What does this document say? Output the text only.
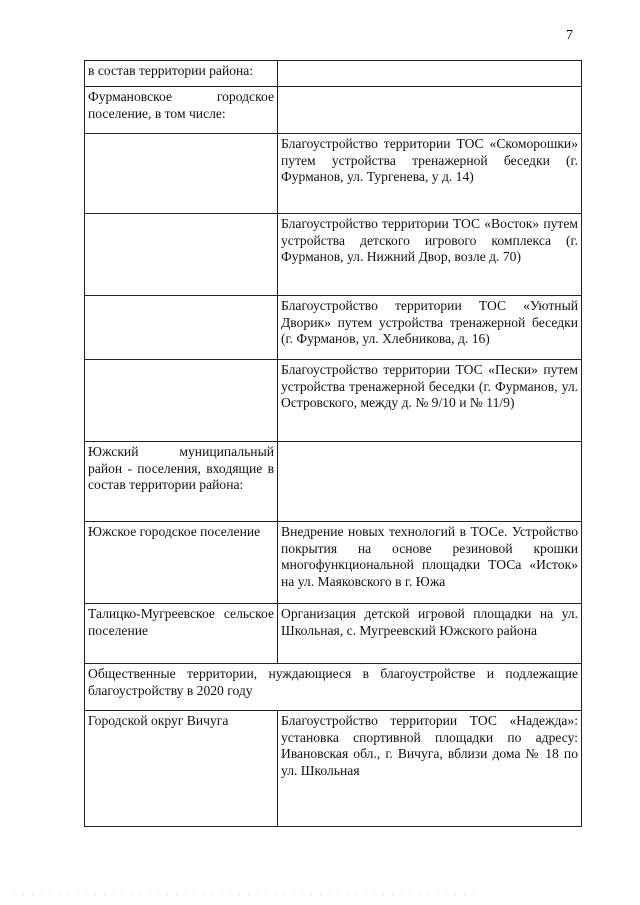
7
в состав территории района:	
Фурмановское городское поселение, в том числе:	
	Благоустройство территории ТОС «Скоморошки» путем устройства тренажерной беседки (г. Фурманов, ул. Тургенева, у д. 14)
	Благоустройство территории ТОС «Восток» путем устройства детского игрового комплекса (г. Фурманов, ул. Нижний Двор, возле д. 70)
	Благоустройство территории ТОС «Уютный Дворик» путем устройства тренажерной беседки (г. Фурманов, ул. Хлебникова, д. 16)
	Благоустройство территории ТОС «Пески» путем устройства тренажерной беседки (г. Фурманов, ул. Островского, между д. № 9/10 и № 11/9)
Южский муниципальный район - поселения, входящие в состав территории района:	
Южское городское поселение	Внедрение новых технологий в ТОСе. Устройство покрытия на основе резиновой крошки многофункциональной площадки ТОСа «Исток» на ул. Маяковского в г. Южа
Талицко-Мугреевское сельское поселение	Организация детской игровой площадки на ул. Школьная, с. Мугреевский Южского района
Общественные территории, нуждающиеся в благоустройстве и подлежащие благоустройству в 2020 году	
Городской округ Вичуга	Благоустройство территории ТОС «Надежда»: установка спортивной площадки по адресу: Ивановская обл., г. Вичуга, вблизи дома № 18 по ул. Школьная
